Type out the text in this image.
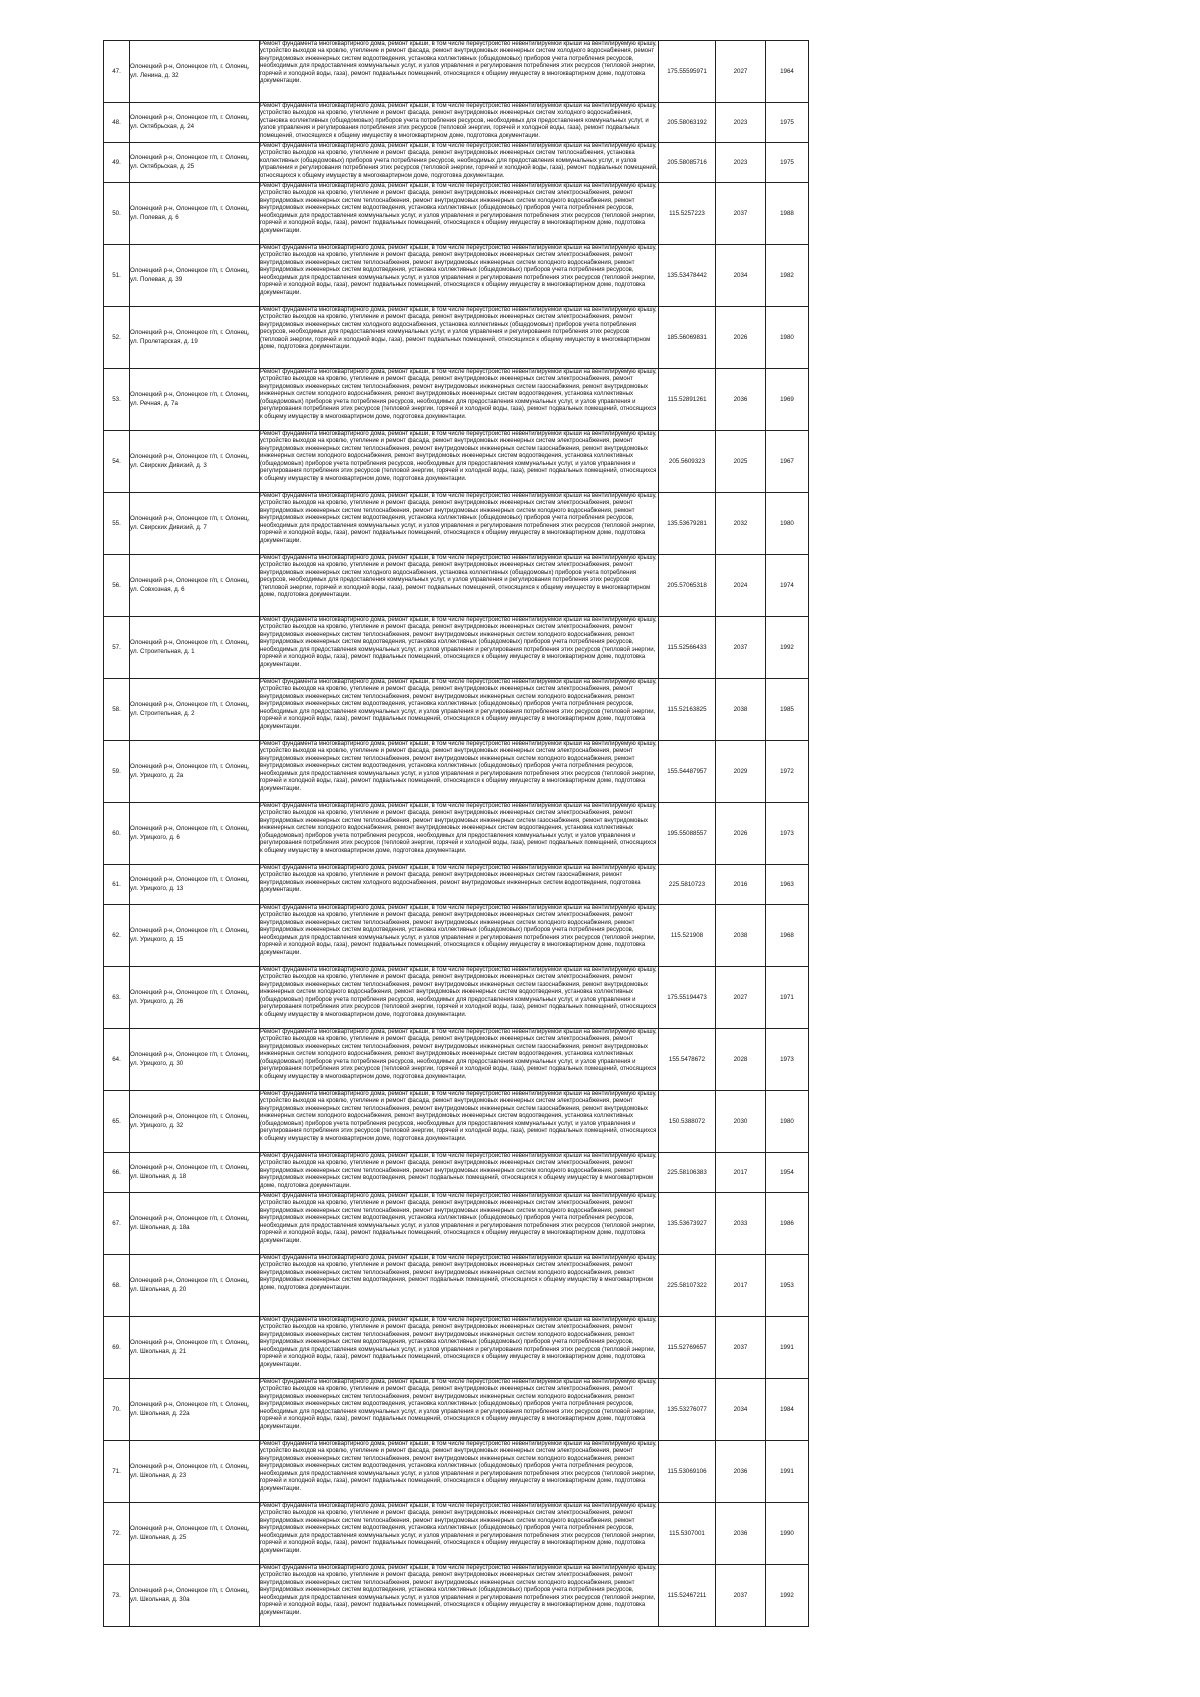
47.	Олонецкий р-н, Олонецкое г/п, г. Олонец, ул. Ленина, д. 32	Ремонт фундамента многоквартирного дома, ремонт крыши, в том числе переустройство невентилируемой крыши на вентилируемую крышу, устройство выходов на кровлю, утепление и ремонт фасада, ремонт внутридомовых инженерных систем холодного водоснабжения, ремонт внутридомовых инженерных систем водоотведения, установка коллективных (общедомовых) приборов учета потребления ресурсов, необходимых для предоставления коммунальных услуг, и узлов управления и регулирования потребления этих ресурсов (тепловой энергии, горячей и холодной воды, газа), ремонт подвальных помещений, относящихся к общему имуществу в многоквартирном доме, подготовка документации.	175.55595971	2027	1964
48.	Олонецкий р-н, Олонецкое г/п, г. Олонец, ул. Октябрьская, д. 24	Ремонт фундамента многоквартирного дома, ремонт крыши, в том числе переустройство невентилируемой крыши на вентилируемую крышу, устройство выходов на кровлю, утепление и ремонт фасада, ремонт внутридомовых инженерных систем холодного водоснабжения, установка коллективных (общедомовых) приборов учета потребления ресурсов, необходимых для предоставления коммунальных услуг, и узлов управления и регулирования потребления этих ресурсов (тепловой энергии, горячей и холодной воды, газа), ремонт подвальных помещений, относящихся к общему имуществу в многоквартирном доме, подготовка документации.	205.58063192	2023	1975
49.	Олонецкий р-н, Олонецкое г/п, г. Олонец, ул. Октябрьская, д. 25	Ремонт фундамента многоквартирного дома, ремонт крыши, в том числе переустройство невентилируемой крыши на вентилируемую крышу, устройство выходов на кровлю, утепление и ремонт фасада, ремонт внутридомовых инженерных систем теплоснабжения, установка коллективных (общедомовых) приборов учета потребления ресурсов, необходимых для предоставления коммунальных услуг, и узлов управления и регулирования потребления этих ресурсов (тепловой энергии, горячей и холодной воды, газа), ремонт подвальных помещений, относящихся к общему имуществу в многоквартирном доме, подготовка документации.	205.58085716	2023	1975
50.	Олонецкий р-н, Олонецкое г/п, г. Олонец, ул. Полевая, д. 6	Ремонт фундамента многоквартирного дома, ремонт крыши, в том числе переустройство невентилируемой крыши на вентилируемую крышу, устройство выходов на кровлю, утепление и ремонт фасада, ремонт внутридомовых инженерных систем электроснабжения, ремонт внутридомовых инженерных систем теплоснабжения, ремонт внутридомовых инженерных систем холодного водоснабжения, ремонт внутридомовых инженерных систем водоотведения, установка коллективных (общедомовых) приборов учета потребления ресурсов, необходимых для предоставления коммунальных услуг, и узлов управления и регулирования потребления этих ресурсов (тепловой энергии, горячей и холодной воды, газа), ремонт подвальных помещений, относящихся к общему имуществу в многоквартирном доме, подготовка документации.	115.5257223	2037	1988
51.	Олонецкий р-н, Олонецкое г/п, г. Олонец, ул. Полевая, д. 39	Ремонт фундамента многоквартирного дома, ремонт крыши, в том числе переустройство невентилируемой крыши на вентилируемую крышу, устройство выходов на кровлю, утепление и ремонт фасада, ремонт внутридомовых инженерных систем электроснабжения, ремонт внутридомовых инженерных систем теплоснабжения, ремонт внутридомовых инженерных систем холодного водоснабжения, ремонт внутридомовых инженерных систем водоотведения, установка коллективных (общедомовых) приборов учета потребления ресурсов, необходимых для предоставления коммунальных услуг, и узлов управления и регулирования потребления этих ресурсов (тепловой энергии, горячей и холодной воды, газа), ремонт подвальных помещений, относящихся к общему имуществу в многоквартирном доме, подготовка документации.	135.53478442	2034	1982
52.	Олонецкий р-н, Олонецкое г/п, г. Олонец, ул. Пролетарская, д. 19	Ремонт фундамента многоквартирного дома, ремонт крыши, в том числе переустройство невентилируемой крыши на вентилируемую крышу, устройство выходов на кровлю, утепление и ремонт фасада, ремонт внутридомовых инженерных систем электроснабжения, ремонт внутридомовых инженерных систем холодного водоснабжения, установка коллективных (общедомовых) приборов учета потребления ресурсов, необходимых для предоставления коммунальных услуг, и узлов управления и регулирования потребления этих ресурсов (тепловой энергии, горячей и холодной воды, газа), ремонт подвальных помещений, относящихся к общему имуществу в многоквартирном доме, подготовка документации.	185.56069831	2026	1980
53.	Олонецкий р-н, Олонецкое г/п, г. Олонец, ул. Речная, д. 7а	Ремонт фундамента многоквартирного дома, ремонт крыши, в том числе переустройство невентилируемой крыши на вентилируемую крышу, устройство выходов на кровлю, утепление и ремонт фасада, ремонт внутридомовых инженерных систем электроснабжения, ремонт внутридомовых инженерных систем теплоснабжения, ремонт внутридомовых инженерных систем газоснабжения, ремонт внутридомовых инженерных систем холодного водоснабжения, ремонт внутридомовых инженерных систем водоотведения, установка коллективных (общедомовых) приборов учета потребления ресурсов, необходимых для предоставления коммунальных услуг, и узлов управления и регулирования потребления этих ресурсов (тепловой энергии, горячей и холодной воды, газа), ремонт подвальных помещений, относящихся к общему имуществу в многоквартирном доме, подготовка документации.	115.52891261	2036	1969
54.	Олонецкий р-н, Олонецкое г/п, г. Олонец, ул. Свирских Дивизий, д. 3	Ремонт фундамента многоквартирного дома, ремонт крыши, в том числе переустройство невентилируемой крыши на вентилируемую крышу, устройство выходов на кровлю, утепление и ремонт фасада, ремонт внутридомовых инженерных систем электроснабжения, ремонт внутридомовых инженерных систем теплоснабжения, ремонт внутридомовых инженерных систем газоснабжения, ремонт внутридомовых инженерных систем холодного водоснабжения, ремонт внутридомовых инженерных систем водоотведения, установка коллективных (общедомовых) приборов учета потребления ресурсов, необходимых для предоставления коммунальных услуг, и узлов управления и регулирования потребления этих ресурсов (тепловой энергии, горячей и холодной воды, газа), ремонт подвальных помещений, относящихся к общему имуществу в многоквартирном доме, подготовка документации.	205.5609323	2025	1967
55.	Олонецкий р-н, Олонецкое г/п, г. Олонец, ул. Свирских Дивизий, д. 7	Ремонт фундамента многоквартирного дома, ремонт крыши, в том числе переустройство невентилируемой крыши на вентилируемую крышу, устройство выходов на кровлю, утепление и ремонт фасада, ремонт внутридомовых инженерных систем электроснабжения, ремонт внутридомовых инженерных систем теплоснабжения, ремонт внутридомовых инженерных систем холодного водоснабжения, ремонт внутридомовых инженерных систем водоотведения, установка коллективных (общедомовых) приборов учета потребления ресурсов, необходимых для предоставления коммунальных услуг, и узлов управления и регулирования потребления этих ресурсов (тепловой энергии, горячей и холодной воды, газа), ремонт подвальных помещений, относящихся к общему имуществу в многоквартирном доме, подготовка документации.	135.53679281	2032	1980
56.	Олонецкий р-н, Олонецкое г/п, г. Олонец, ул. Совхозная, д. 6	Ремонт фундамента многоквартирного дома, ремонт крыши, в том числе переустройство невентилируемой крыши на вентилируемую крышу, устройство выходов на кровлю, утепление и ремонт фасада, ремонт внутридомовых инженерных систем электроснабжения, ремонт внутридомовых инженерных систем холодного водоснабжения, установка коллективных (общедомовых) приборов учета потребления ресурсов, необходимых для предоставления коммунальных услуг, и узлов управления и регулирования потребления этих ресурсов (тепловой энергии, горячей и холодной воды, газа), ремонт подвальных помещений, относящихся к общему имуществу в многоквартирном доме, подготовка документации.	205.57065318	2024	1974
57.	Олонецкий р-н, Олонецкое г/п, г. Олонец, ул. Строительная, д. 1	Ремонт фундамента многоквартирного дома, ремонт крыши, в том числе переустройство невентилируемой крыши на вентилируемую крышу, устройство выходов на кровлю, утепление и ремонт фасада, ремонт внутридомовых инженерных систем электроснабжения, ремонт внутридомовых инженерных систем теплоснабжения, ремонт внутридомовых инженерных систем холодного водоснабжения, ремонт внутридомовых инженерных систем водоотведения, установка коллективных (общедомовых) приборов учета потребления ресурсов, необходимых для предоставления коммунальных услуг, и узлов управления и регулирования потребления этих ресурсов (тепловой энергии, горячей и холодной воды, газа), ремонт подвальных помещений, относящихся к общему имуществу в многоквартирном доме, подготовка документации.	115.52566433	2037	1992
58.	Олонецкий р-н, Олонецкое г/п, г. Олонец, ул. Строительная, д. 2	Ремонт фундамента многоквартирного дома, ремонт крыши, в том числе переустройство невентилируемой крыши на вентилируемую крышу, устройство выходов на кровлю, утепление и ремонт фасада, ремонт внутридомовых инженерных систем электроснабжения, ремонт внутридомовых инженерных систем теплоснабжения, ремонт внутридомовых инженерных систем холодного водоснабжения, ремонт внутридомовых инженерных систем водоотведения, установка коллективных (общедомовых) приборов учета потребления ресурсов, необходимых для предоставления коммунальных услуг, и узлов управления и регулирования потребления этих ресурсов (тепловой энергии, горячей и холодной воды, газа), ремонт подвальных помещений, относящихся к общему имуществу в многоквартирном доме, подготовка документации.	115.52163825	2038	1985
59.	Олонецкий р-н, Олонецкое г/п, г. Олонец, ул. Урицкого, д. 2а	Ремонт фундамента многоквартирного дома, ремонт крыши, в том числе переустройство невентилируемой крыши на вентилируемую крышу, устройство выходов на кровлю, утепление и ремонт фасада, ремонт внутридомовых инженерных систем электроснабжения, ремонт внутридомовых инженерных систем теплоснабжения, ремонт внутридомовых инженерных систем холодного водоснабжения, ремонт внутридомовых инженерных систем водоотведения, установка коллективных (общедомовых) приборов учета потребления ресурсов, необходимых для предоставления коммунальных услуг, и узлов управления и регулирования потребления этих ресурсов (тепловой энергии, горячей и холодной воды, газа), ремонт подвальных помещений, относящихся к общему имуществу в многоквартирном доме, подготовка документации.	155.54487957	2029	1972
60.	Олонецкий р-н, Олонецкое г/п, г. Олонец, ул. Урицкого, д. 6	Ремонт фундамента многоквартирного дома, ремонт крыши, в том числе переустройство невентилируемой крыши на вентилируемую крышу, устройство выходов на кровлю, утепление и ремонт фасада, ремонт внутридомовых инженерных систем электроснабжения, ремонт внутридомовых инженерных систем теплоснабжения, ремонт внутридомовых инженерных систем газоснабжения, ремонт внутридомовых инженерных систем холодного водоснабжения, ремонт внутридомовых инженерных систем водоотведения, установка коллективных (общедомовых) приборов учета потребления ресурсов, необходимых для предоставления коммунальных услуг, и узлов управления и регулирования потребления этих ресурсов (тепловой энергии, горячей и холодной воды, газа), ремонт подвальных помещений, относящихся к общему имуществу в многоквартирном доме, подготовка документации.	195.55088557	2026	1973
61.	Олонецкий р-н, Олонецкое г/п, г. Олонец, ул. Урицкого, д. 13	Ремонт фундамента многоквартирного дома, ремонт крыши, в том числе переустройство невентилируемой крыши на вентилируемую крышу, устройство выходов на кровлю, утепление и ремонт фасада, ремонт внутридомовых инженерных систем газоснабжения, ремонт внутридомовых инженерных систем холодного водоснабжения, ремонт внутридомовых инженерных систем водоотведения, подготовка документации.	225.5810723	2016	1963
62.	Олонецкий р-н, Олонецкое г/п, г. Олонец, ул. Урицкого, д. 15	Ремонт фундамента многоквартирного дома, ремонт крыши, в том числе переустройство невентилируемой крыши на вентилируемую крышу, устройство выходов на кровлю, утепление и ремонт фасада, ремонт внутридомовых инженерных систем электроснабжения, ремонт внутридомовых инженерных систем теплоснабжения, ремонт внутридомовых инженерных систем холодного водоснабжения, ремонт внутридомовых инженерных систем водоотведения, установка коллективных (общедомовых) приборов учета потребления ресурсов, необходимых для предоставления коммунальных услуг, и узлов управления и регулирования потребления этих ресурсов (тепловой энергии, горячей и холодной воды, газа), ремонт подвальных помещений, относящихся к общему имуществу в многоквартирном доме, подготовка документации.	115.521908	2038	1968
63.	Олонецкий р-н, Олонецкое г/п, г. Олонец, ул. Урицкого, д. 26	Ремонт фундамента многоквартирного дома, ремонт крыши, в том числе переустройство невентилируемой крыши на вентилируемую крышу, устройство выходов на кровлю, утепление и ремонт фасада, ремонт внутридомовых инженерных систем электроснабжения, ремонт внутридомовых инженерных систем теплоснабжения, ремонт внутридомовых инженерных систем газоснабжения, ремонт внутридомовых инженерных систем холодного водоснабжения, ремонт внутридомовых инженерных систем водоотведения, установка коллективных (общедомовых) приборов учета потребления ресурсов, необходимых для предоставления коммунальных услуг, и узлов управления и регулирования потребления этих ресурсов (тепловой энергии, горячей и холодной воды, газа), ремонт подвальных помещений, относящихся к общему имуществу в многоквартирном доме, подготовка документации.	175.55194473	2027	1971
64.	Олонецкий р-н, Олонецкое г/п, г. Олонец, ул. Урицкого, д. 30	Ремонт фундамента многоквартирного дома, ремонт крыши, в том числе переустройство невентилируемой крыши на вентилируемую крышу, устройство выходов на кровлю, утепление и ремонт фасада, ремонт внутридомовых инженерных систем электроснабжения, ремонт внутридомовых инженерных систем теплоснабжения, ремонт внутридомовых инженерных систем газоснабжения, ремонт внутридомовых инженерных систем холодного водоснабжения, ремонт внутридомовых инженерных систем водоотведения, установка коллективных (общедомовых) приборов учета потребления ресурсов, необходимых для предоставления коммунальных услуг, и узлов управления и регулирования потребления этих ресурсов (тепловой энергии, горячей и холодной воды, газа), ремонт подвальных помещений, относящихся к общему имуществу в многоквартирном доме, подготовка документации.	155.5478672	2028	1973
65.	Олонецкий р-н, Олонецкое г/п, г. Олонец, ул. Урицкого, д. 32	Ремонт фундамента многоквартирного дома, ремонт крыши, в том числе переустройство невентилируемой крыши на вентилируемую крышу, устройство выходов на кровлю, утепление и ремонт фасада, ремонт внутридомовых инженерных систем электроснабжения, ремонт внутридомовых инженерных систем теплоснабжения, ремонт внутридомовых инженерных систем газоснабжения, ремонт внутридомовых инженерных систем холодного водоснабжения, ремонт внутридомовых инженерных систем водоотведения, установка коллективных (общедомовых) приборов учета потребления ресурсов, необходимых для предоставления коммунальных услуг, и узлов управления и регулирования потребления этих ресурсов (тепловой энергии, горячей и холодной воды, газа), ремонт подвальных помещений, относящихся к общему имуществу в многоквартирном доме, подготовка документации.	150.5388072	2030	1980
66.	Олонецкий р-н, Олонецкое г/п, г. Олонец, ул. Школьная, д. 18	Ремонт фундамента многоквартирного дома, ремонт крыши, в том числе переустройство невентилируемой крыши на вентилируемую крышу, устройство выходов на кровлю, утепление и ремонт фасада, ремонт внутридомовых инженерных систем электроснабжения, ремонт внутридомовых инженерных систем теплоснабжения, ремонт внутридомовых инженерных систем холодного водоснабжения, ремонт внутридомовых инженерных систем водоотведения, ремонт подвальных помещений, относящихся к общему имуществу в многоквартирном доме, подготовка документации.	225.58106383	2017	1954
67.	Олонецкий р-н, Олонецкое г/п, г. Олонец, ул. Школьная, д. 18а	Ремонт фундамента многоквартирного дома, ремонт крыши, в том числе переустройство невентилируемой крыши на вентилируемую крышу, устройство выходов на кровлю, утепление и ремонт фасада, ремонт внутридомовых инженерных систем электроснабжения, ремонт внутридомовых инженерных систем теплоснабжения, ремонт внутридомовых инженерных систем холодного водоснабжения, ремонт внутридомовых инженерных систем водоотведения, установка коллективных (общедомовых) приборов учета потребления ресурсов, необходимых для предоставления коммунальных услуг, и узлов управления и регулирования потребления этих ресурсов (тепловой энергии, горячей и холодной воды, газа), ремонт подвальных помещений, относящихся к общему имуществу в многоквартирном доме, подготовка документации.	135.53673927	2033	1986
68.	Олонецкий р-н, Олонецкое г/п, г. Олонец, ул. Школьная, д. 20	Ремонт фундамента многоквартирного дома, ремонт крыши, в том числе переустройство невентилируемой крыши на вентилируемую крышу, устройство выходов на кровлю, утепление и ремонт фасада, ремонт внутридомовых инженерных систем электроснабжения, ремонт внутридомовых инженерных систем теплоснабжения, ремонт внутридомовых инженерных систем холодного водоснабжения, ремонт внутридомовых инженерных систем водоотведения, ремонт подвальных помещений, относящихся к общему имуществу в многоквартирном доме, подготовка документации.	225.58107322	2017	1953
69.	Олонецкий р-н, Олонецкое г/п, г. Олонец, ул. Школьная, д. 21	Ремонт фундамента многоквартирного дома, ремонт крыши, в том числе переустройство невентилируемой крыши на вентилируемую крышу, устройство выходов на кровлю, утепление и ремонт фасада, ремонт внутридомовых инженерных систем электроснабжения, ремонт внутридомовых инженерных систем теплоснабжения, ремонт внутридомовых инженерных систем холодного водоснабжения, ремонт внутридомовых инженерных систем водоотведения, установка коллективных (общедомовых) приборов учета потребления ресурсов, необходимых для предоставления коммунальных услуг, и узлов управления и регулирования потребления этих ресурсов (тепловой энергии, горячей и холодной воды, газа), ремонт подвальных помещений, относящихся к общему имуществу в многоквартирном доме, подготовка документации.	115.52769657	2037	1991
70.	Олонецкий р-н, Олонецкое г/п, г. Олонец, ул. Школьная, д. 22а	Ремонт фундамента многоквартирного дома, ремонт крыши, в том числе переустройство невентилируемой крыши на вентилируемую крышу, устройство выходов на кровлю, утепление и ремонт фасада, ремонт внутридомовых инженерных систем электроснабжения, ремонт внутридомовых инженерных систем теплоснабжения, ремонт внутридомовых инженерных систем холодного водоснабжения, ремонт внутридомовых инженерных систем водоотведения, установка коллективных (общедомовых) приборов учета потребления ресурсов, необходимых для предоставления коммунальных услуг, и узлов управления и регулирования потребления этих ресурсов (тепловой энергии, горячей и холодной воды, газа), ремонт подвальных помещений, относящихся к общему имуществу в многоквартирном доме, подготовка документации.	135.53276077	2034	1984
71.	Олонецкий р-н, Олонецкое г/п, г. Олонец, ул. Школьная, д. 23	Ремонт фундамента многоквартирного дома, ремонт крыши, в том числе переустройство невентилируемой крыши на вентилируемую крышу, устройство выходов на кровлю, утепление и ремонт фасада, ремонт внутридомовых инженерных систем электроснабжения, ремонт внутридомовых инженерных систем теплоснабжения, ремонт внутридомовых инженерных систем холодного водоснабжения, ремонт внутридомовых инженерных систем водоотведения, установка коллективных (общедомовых) приборов учета потребления ресурсов, необходимых для предоставления коммунальных услуг, и узлов управления и регулирования потребления этих ресурсов (тепловой энергии, горячей и холодной воды, газа), ремонт подвальных помещений, относящихся к общему имуществу в многоквартирном доме, подготовка документации.	115.53069106	2036	1991
72.	Олонецкий р-н, Олонецкое г/п, г. Олонец, ул. Школьная, д. 25	Ремонт фундамента многоквартирного дома, ремонт крыши, в том числе переустройство невентилируемой крыши на вентилируемую крышу, устройство выходов на кровлю, утепление и ремонт фасада, ремонт внутридомовых инженерных систем электроснабжения, ремонт внутридомовых инженерных систем теплоснабжения, ремонт внутридомовых инженерных систем холодного водоснабжения, ремонт внутридомовых инженерных систем водоотведения, установка коллективных (общедомовых) приборов учета потребления ресурсов, необходимых для предоставления коммунальных услуг, и узлов управления и регулирования потребления этих ресурсов (тепловой энергии, горячей и холодной воды, газа), ремонт подвальных помещений, относящихся к общему имуществу в многоквартирном доме, подготовка документации.	115.5307001	2036	1990
73.	Олонецкий р-н, Олонецкое г/п, г. Олонец, ул. Школьная, д. 30а	Ремонт фундамента многоквартирного дома, ремонт крыши, в том числе переустройство невентилируемой крыши на вентилируемую крышу, устройство выходов на кровлю, утепление и ремонт фасада, ремонт внутридомовых инженерных систем электроснабжения, ремонт внутридомовых инженерных систем теплоснабжения, ремонт внутридомовых инженерных систем холодного водоснабжения, ремонт внутридомовых инженерных систем водоотведения, установка коллективных (общедомовых) приборов учета потребления ресурсов, необходимых для предоставления коммунальных услуг, и узлов управления и регулирования потребления этих ресурсов (тепловой энергии, горячей и холодной воды, газа), ремонт подвальных помещений, относящихся к общему имуществу в многоквартирном доме, подготовка документации.	115.52467211	2037	1992
